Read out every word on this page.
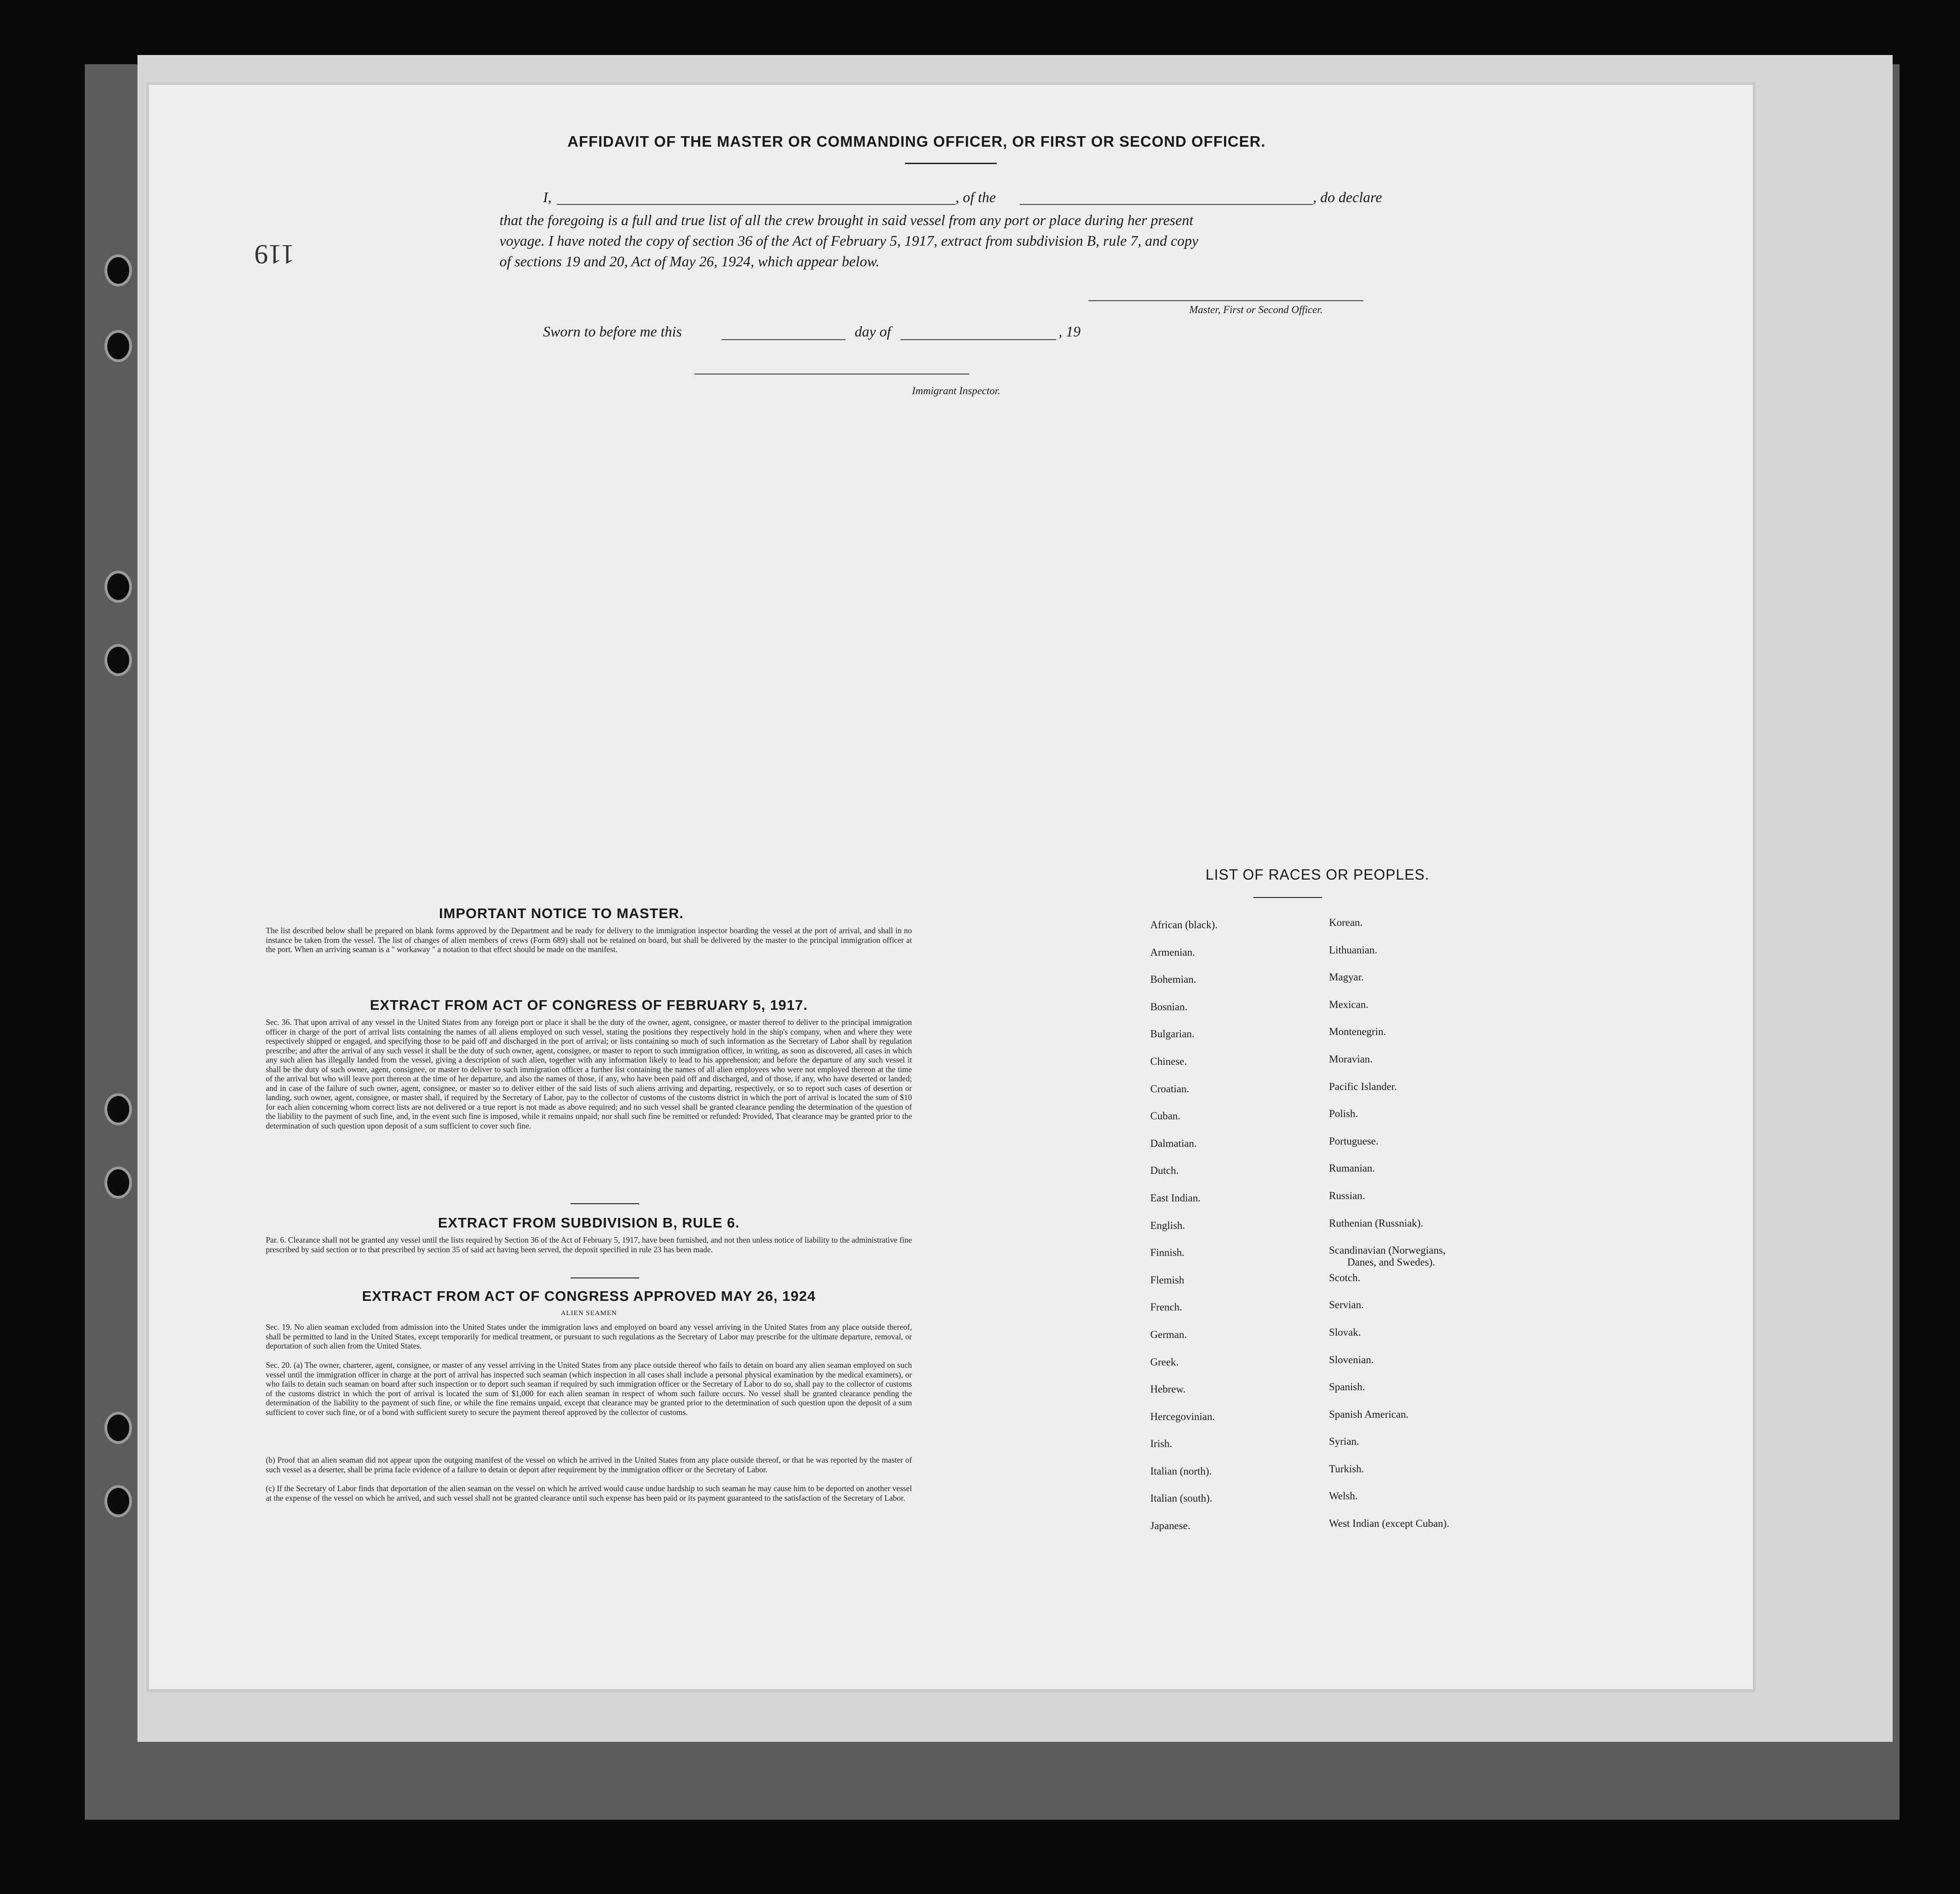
119
AFFIDAVIT OF THE MASTER OR COMMANDING OFFICER, OR FIRST OR SECOND OFFICER.
I,	, of the	, do declare
that the foregoing is a full and true list of all the crew brought in said vessel from any port or place during her present
voyage. I have noted the copy of section 36 of the Act of February 5, 1917, extract from subdivision B, rule 7, and copy
of sections 19 and 20, Act of May 26, 1924, which appear below.
Master, First or Second Officer.
Sworn to before me this	day of	, 19
Immigrant Inspector.
IMPORTANT NOTICE TO MASTER.
The list described below shall be prepared on blank forms approved by the Department and be ready for delivery to the immigration inspector boarding the vessel at the port of arrival, and shall in no instance be taken from the vessel. The list of changes of alien members of crews (Form 689) shall not be retained on board, but shall be delivered by the master to the principal immigration officer at the port. When an arriving seaman is a " workaway " a notation to that effect should be made on the manifest.
EXTRACT FROM ACT OF CONGRESS OF FEBRUARY 5, 1917.
Sec. 36. That upon arrival of any vessel in the United States from any foreign port or place it shall be the duty of the owner, agent, consignee, or master thereof to deliver to the principal immigration officer in charge of the port of arrival lists containing the names of all aliens employed on such vessel, stating the positions they respectively hold in the ship's company, when and where they were respectively shipped or engaged, and specifying those to be paid off and discharged in the port of arrival; or lists containing so much of such information as the Secretary of Labor shall by regulation prescribe; and after the arrival of any such vessel it shall be the duty of such owner, agent, consignee, or master to report to such immigration officer, in writing, as soon as discovered, all cases in which any such alien has illegally landed from the vessel, giving a description of such alien, together with any information likely to lead to his apprehension; and before the departure of any such vessel it shall be the duty of such owner, agent, consignee, or master to deliver to such immigration officer a further list containing the names of all alien employees who were not employed thereon at the time of the arrival but who will leave port thereon at the time of her departure, and also the names of those, if any, who have been paid off and discharged, and of those, if any, who have deserted or landed; and in case of the failure of such owner, agent, consignee, or master so to deliver either of the said lists of such aliens arriving and departing, respectively, or so to report such cases of desertion or landing, such owner, agent, consignee, or master shall, if required by the Secretary of Labor, pay to the collector of customs of the customs district in which the port of arrival is located the sum of $10 for each alien concerning whom correct lists are not delivered or a true report is not made as above required; and no such vessel shall be granted clearance pending the determination of the question of the liability to the payment of such fine, and, in the event such fine is imposed, while it remains unpaid; nor shall such fine be remitted or refunded: Provided, That clearance may be granted prior to the determination of such question upon deposit of a sum sufficient to cover such fine.
EXTRACT FROM SUBDIVISION B, RULE 6.
Par. 6. Clearance shall not be granted any vessel until the lists required by Section 36 of the Act of February 5, 1917, have been furnished, and not then unless notice of liability to the administrative fine prescribed by said section or to that prescribed by section 35 of said act having been served, the deposit specified in rule 23 has been made.
EXTRACT FROM ACT OF CONGRESS APPROVED MAY 26, 1924
ALIEN SEAMEN
Sec. 19. No alien seaman excluded from admission into the United States under the immigration laws and employed on board any vessel arriving in the United States from any place outside thereof, shall be permitted to land in the United States, except temporarily for medical treatment, or pursuant to such regulations as the Secretary of Labor may prescribe for the ultimate departure, removal, or deportation of such alien from the United States.
Sec. 20. (a) The owner, charterer, agent, consignee, or master of any vessel arriving in the United States from any place outside thereof who fails to detain on board any alien seaman employed on such vessel until the immigration officer in charge at the port of arrival has inspected such seaman (which inspection in all cases shall include a personal physical examination by the medical examiners), or who fails to detain such seaman on board after such inspection or to deport such seaman if required by such immigration officer or the Secretary of Labor to do so, shall pay to the collector of customs of the customs district in which the port of arrival is located the sum of $1,000 for each alien seaman in respect of whom such failure occurs. No vessel shall be granted clearance pending the determination of the liability to the payment of such fine, or while the fine remains unpaid, except that clearance may be granted prior to the determination of such question upon the deposit of a sum sufficient to cover such fine, or of a bond with sufficient surety to secure the payment thereof approved by the collector of customs.
(b) Proof that an alien seaman did not appear upon the outgoing manifest of the vessel on which he arrived in the United States from any place outside thereof, or that he was reported by the master of such vessel as a deserter, shall be prima facie evidence of a failure to detain or deport after requirement by the immigration officer or the Secretary of Labor.
(c) If the Secretary of Labor finds that deportation of the alien seaman on the vessel on which he arrived would cause undue hardship to such seaman he may cause him to be deported on another vessel at the expense of the vessel on which he arrived, and such vessel shall not be granted clearance until such expense has been paid or its payment guaranteed to the satisfaction of the Secretary of Labor.
LIST OF RACES OR PEOPLES.
African (black).
Armenian.
Bohemian.
Bosnian.
Bulgarian.
Chinese.
Croatian.
Cuban.
Dalmatian.
Dutch.
East Indian.
English.
Finnish.
Flemish
French.
German.
Greek.
Hebrew.
Hercegovinian.
Irish.
Italian (north).
Italian (south).
Japanese.
Korean.
Lithuanian.
Magyar.
Mexican.
Montenegrin.
Moravian.
Pacific Islander.
Polish.
Portuguese.
Rumanian.
Russian.
Ruthenian (Russniak).
Scandinavian (Norwegians,
Danes, and Swedes).
Scotch.
Servian.
Slovak.
Slovenian.
Spanish.
Spanish American.
Syrian.
Turkish.
Welsh.
West Indian (except Cuban).
